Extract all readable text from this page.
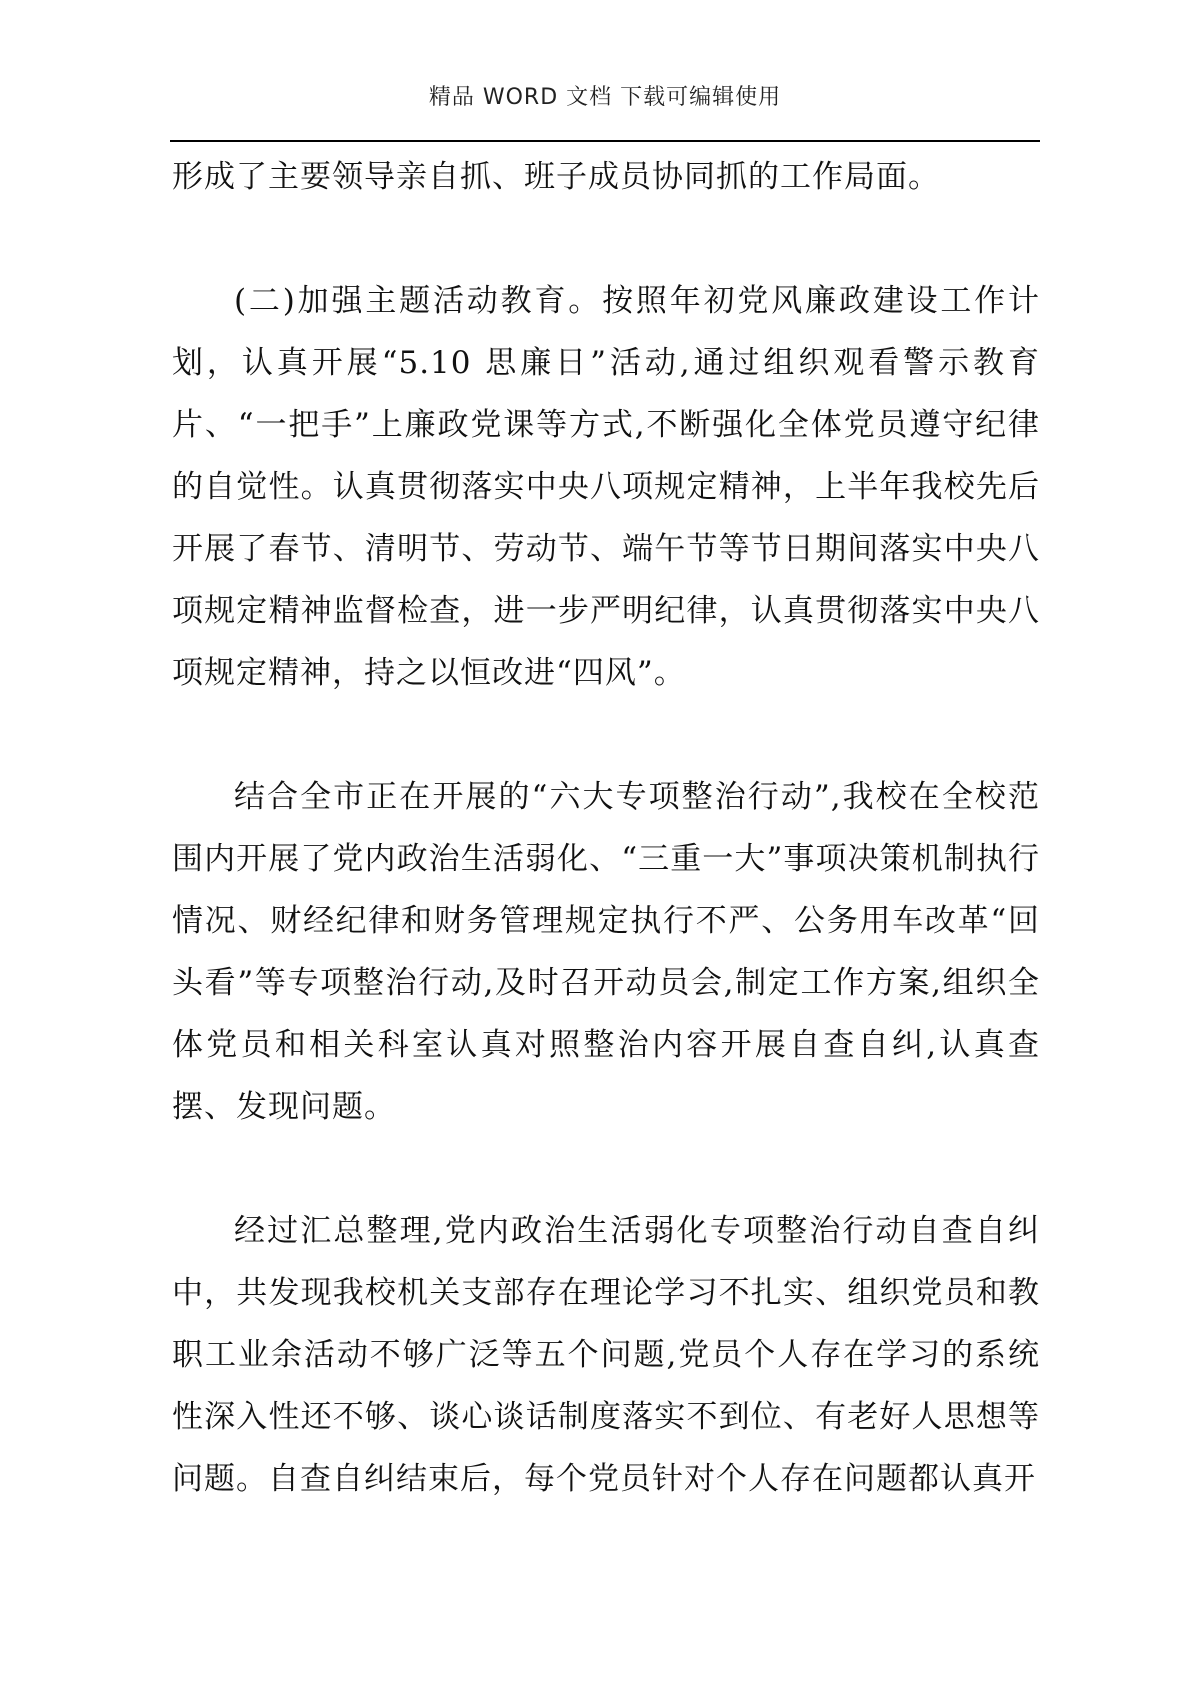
精品 WORD 文档 下载可编辑使用

形成了主要领导亲自抓、班子成员协同抓的工作局面。

(二)加强主题活动教育。按照年初党风廉政建设工作计划，认真开展“5.10 思廉日”活动,通过组织观看警示教育片、“一把手”上廉政党课等方式,不断强化全体党员遵守纪律的自觉性。认真贯彻落实中央八项规定精神，上半年我校先后开展了春节、清明节、劳动节、端午节等节日期间落实中央八项规定精神监督检查，进一步严明纪律，认真贯彻落实中央八项规定精神，持之以恒改进“四风”。

结合全市正在开展的“六大专项整治行动”,我校在全校范围内开展了党内政治生活弱化、“三重一大”事项决策机制执行情况、财经纪律和财务管理规定执行不严、公务用车改革“回头看”等专项整治行动,及时召开动员会,制定工作方案,组织全体党员和相关科室认真对照整治内容开展自查自纠,认真查摆、发现问题。

经过汇总整理,党内政治生活弱化专项整治行动自查自纠中，共发现我校机关支部存在理论学习不扎实、组织党员和教职工业余活动不够广泛等五个问题,党员个人存在学习的系统性深入性还不够、谈心谈话制度落实不到位、有老好人思想等问题。自查自纠结束后，每个党员针对个人存在问题都认真开
